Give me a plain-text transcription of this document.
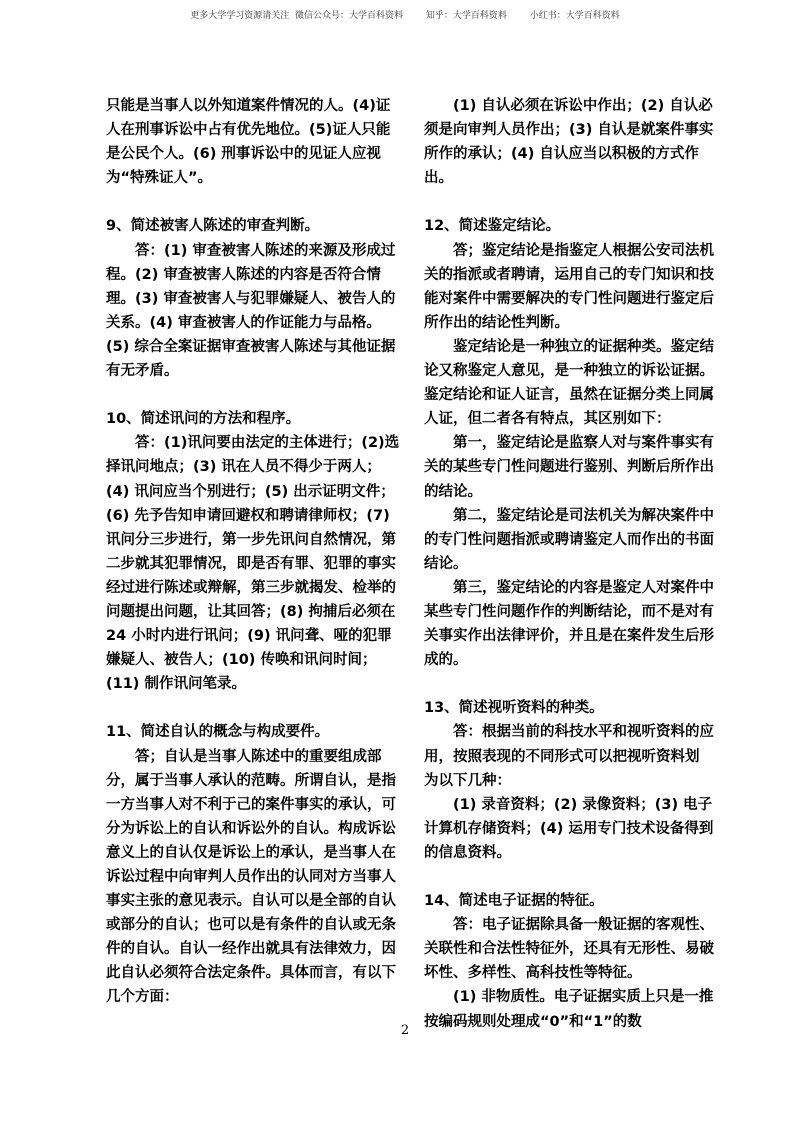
更多大学学习资源请关注  微信公众号：大学百科资料        知乎：大学百科资料        小红书：大学百科资料

只能是当事人以外知道案件情况的人。(4)证人在刑事诉讼中占有优先地位。(5)证人只能是公民个人。(6) 刑事诉讼中的见证人应视为“特殊证人”。

9、简述被害人陈述的审查判断。

答：(1) 审查被害人陈述的来源及形成过程。(2) 审查被害人陈述的内容是否符合情理。(3) 审查被害人与犯罪嫌疑人、被告人的关系。(4) 审查被害人的作证能力与品格。(5) 综合全案证据审查被害人陈述与其他证据有无矛盾。

10、简述讯问的方法和程序。

答：(1)讯问要由法定的主体进行；(2)选择讯问地点；(3) 讯在人员不得少于两人；(4) 讯问应当个别进行；(5) 出示证明文件；(6) 先予告知申请回避权和聘请律师权；(7) 讯问分三步进行，第一步先讯问自然情况，第二步就其犯罪情况，即是否有罪、犯罪的事实经过进行陈述或辩解，第三步就揭发、检举的问题提出问题，让其回答；(8) 拘捕后必须在 24 小时内进行讯问；(9) 讯问聋、哑的犯罪嫌疑人、被告人；(10) 传唤和讯问时间；(11) 制作讯问笔录。

11、简述自认的概念与构成要件。

答；自认是当事人陈述中的重要组成部分，属于当事人承认的范畴。所谓自认，是指一方当事人对不利于己的案件事实的承认，可分为诉讼上的自认和诉讼外的自认。构成诉讼意义上的自认仅是诉讼上的承认，是当事人在诉讼过程中向审判人员作出的认同对方当事人事实主张的意见表示。自认可以是全部的自认或部分的自认；也可以是有条件的自认或无条件的自认。自认一经作出就具有法律效力，因此自认必须符合法定条件。具体而言，有以下几个方面：

(1) 自认必须在诉讼中作出；(2) 自认必须是向审判人员作出；(3) 自认是就案件事实所作的承认；(4) 自认应当以积极的方式作出。

12、简述鉴定结论。

答；鉴定结论是指鉴定人根据公安司法机关的指派或者聘请，运用自己的专门知识和技能对案件中需要解决的专门性问题进行鉴定后所作出的结论性判断。

鉴定结论是一种独立的证据种类。鉴定结论又称鉴定人意见，是一种独立的诉讼证据。鉴定结论和证人证言，虽然在证据分类上同属人证，但二者各有特点，其区别如下：

第一，鉴定结论是监察人对与案件事实有关的某些专门性问题进行鉴别、判断后所作出的结论。

第二，鉴定结论是司法机关为解决案件中的专门性问题指派或聘请鉴定人而作出的书面结论。

第三，鉴定结论的内容是鉴定人对案件中某些专门性问题作作的判断结论，而不是对有关事实作出法律评价，并且是在案件发生后形成的。

13、简述视听资料的种类。

答：根据当前的科技水平和视听资料的应用，按照表现的不同形式可以把视听资料划 为以下几种：

(1) 录音资料；(2) 录像资料；(3) 电子计算机存储资料；(4) 运用专门技术设备得到的信息资料。

14、简述电子证据的特征。

答：电子证据除具备一般证据的客观性、关联性和合法性特征外，还具有无形性、易破坏性、多样性、高科技性等特征。

(1) 非物质性。电子证据实质上只是一推按编码规则处理成“0”和“1”的数

2
